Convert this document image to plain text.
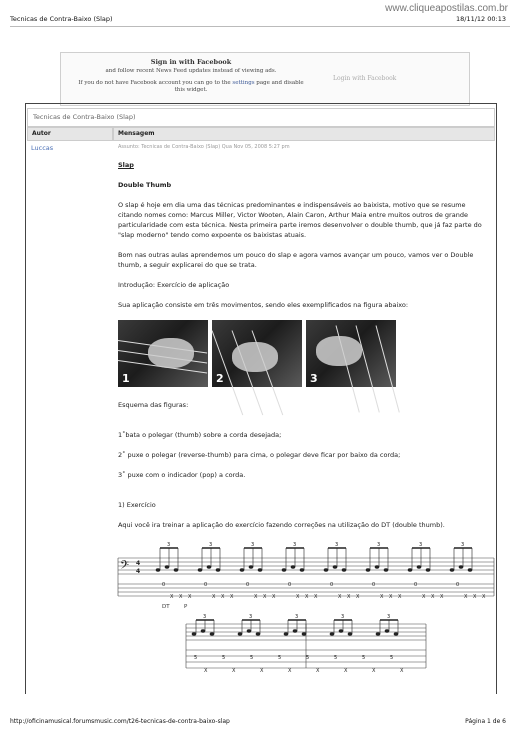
Tecnicas de Contra-Baixo (Slap)
www.cliqueapostilas.com.br
18/11/12 00:13
Sign in with Facebook
and follow recent News Feed updates instead of viewing ads.
If you do not have Facebook account you can go to the settings page and disable
this widget.
Login with Facebook
Tecnicas de Contra-Baixo (Slap)
Autor	Mensagem
Luccas	Assunto: Tecnicas de Contra-Baixo (Slap) Qua Nov 05, 2008 5:27 pm
Slap
Double Thumb
O slap é hoje em dia uma das técnicas predominantes e indispensáveis ao baixista, motivo que se resume citando nomes como: Marcus Miller, Victor Wooten, Alain Caron, Arthur Maia entre muitos outros de grande particularidade com esta técnica. Nesta primeira parte iremos desenvolver o double thumb, que já faz parte do "slap moderno" tendo como expoente os baixistas atuais.
Bom nas outras aulas aprendemos um pouco do slap e agora vamos avançar um pouco, vamos ver o Double thumb, a seguir explicarei do que se trata.
Introdução: Exercício de aplicação
Sua aplicação consiste em três movimentos, sendo eles exemplificados na figura abaixo:
1	2	3
Esquema das figuras:
1˚bata o polegar (thumb) sobre a corda desejada;
2˚ puxe o polegar (reverse-thumb) para cima, o polegar deve ficar por baixo da corda;
3˚ puxe com o indicador (pop) a corda.
1) Exercício
Aqui você ira treinar a aplicação do exercício fazendo correções na utilização do DT (double thumb).
𝄢 4
4
3	3	3	3	3	3	3	3
0
X X X
0
X X X
0
X X X
0
X X X
0
X X X
0
X X X
0
X X X
0
X X X
DT	P
3	3	3	3	3
5
X
5
X
5
X
5
X
5
X
5
X
5
X
5
X
http://oficinamusical.forumsmusic.com/t26-tecnicas-de-contra-baixo-slap	Página 1 de 6
